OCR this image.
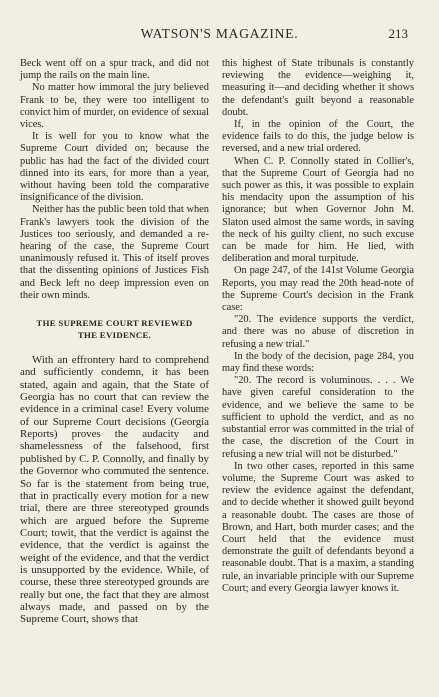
WATSON'S MAGAZINE.	213

Beck went off on a spur track, and did not jump the rails on the main line.

No matter how immoral the jury believed Frank to be, they were too intelligent to convict him of murder, on evidence of sexual vices.

It is well for you to know what the Supreme Court divided on; because the public has had the fact of the divided court dinned into its ears, for more than a year, without having been told the comparative insignificance of the division.

Neither has the public been told that when Frank's lawyers took the division of the Justices too seriously, and demanded a re-hearing of the case, the Supreme Court unanimously refused it. This of itself proves that the dissenting opinions of Justices Fish and Beck left no deep impression even on their own minds.

THE SUPREME COURT REVIEWED
THE EVIDENCE.

With an effrontery hard to comprehend and sufficiently condemn, it has been stated, again and again, that the State of Georgia has no court that can review the evidence in a criminal case! Every volume of our Supreme Court decisions (Georgia Reports) proves the audacity and shamelessness of the falsehood, first published by C. P. Connolly, and finally by the Governor who commuted the sentence. So far is the statement from being true, that in practically every motion for a new trial, there are three stereotyped grounds which are argued before the Supreme Court; towit, that the verdict is against the evidence, that the verdict is against the weight of the evidence, and that the verdict is unsupported by the evidence. While, of course, these three stereotyped grounds are really but one, the fact that they are almost always made, and passed on by the Supreme Court, shows that

this highest of State tribunals is constantly reviewing the evidence—weighing it, measuring it—and deciding whether it shows the defendant's guilt beyond a reasonable doubt.

If, in the opinion of the Court, the evidence fails to do this, the judge below is reversed, and a new trial ordered.

When C. P. Connolly stated in Collier's, that the Supreme Court of Georgia had no such power as this, it was possible to explain his mendacity upon the assumption of his ignorance; but when Governor John M. Slaton used almost the same words, in saving the neck of his guilty client, no such excuse can be made for him. He lied, with deliberation and moral turpitude.

On page 247, of the 141st Volume Georgia Reports, you may read the 20th head-note of the Supreme Court's decision in the Frank case:

"20. The evidence supports the verdict, and there was no abuse of discretion in refusing a new trial."

In the body of the decision, page 284, you may find these words:

"20. The record is voluminous. . . . We have given careful consideration to the evidence, and we believe the same to be sufficient to uphold the verdict, and as no substantial error was committed in the trial of the case, the discretion of the Court in refusing a new trial will not be disturbed."

In two other cases, reported in this same volume, the Supreme Court was asked to review the evidence against the defendant, and to decide whether it showed guilt beyond a reasonable doubt. The cases are those of Brown, and Hart, both murder cases; and the Court held that the evidence must demonstrate the guilt of defendants beyond a reasonable doubt. That is a maxim, a standing rule, an invariable principle with our Supreme Court; and every Georgia lawyer knows it.
